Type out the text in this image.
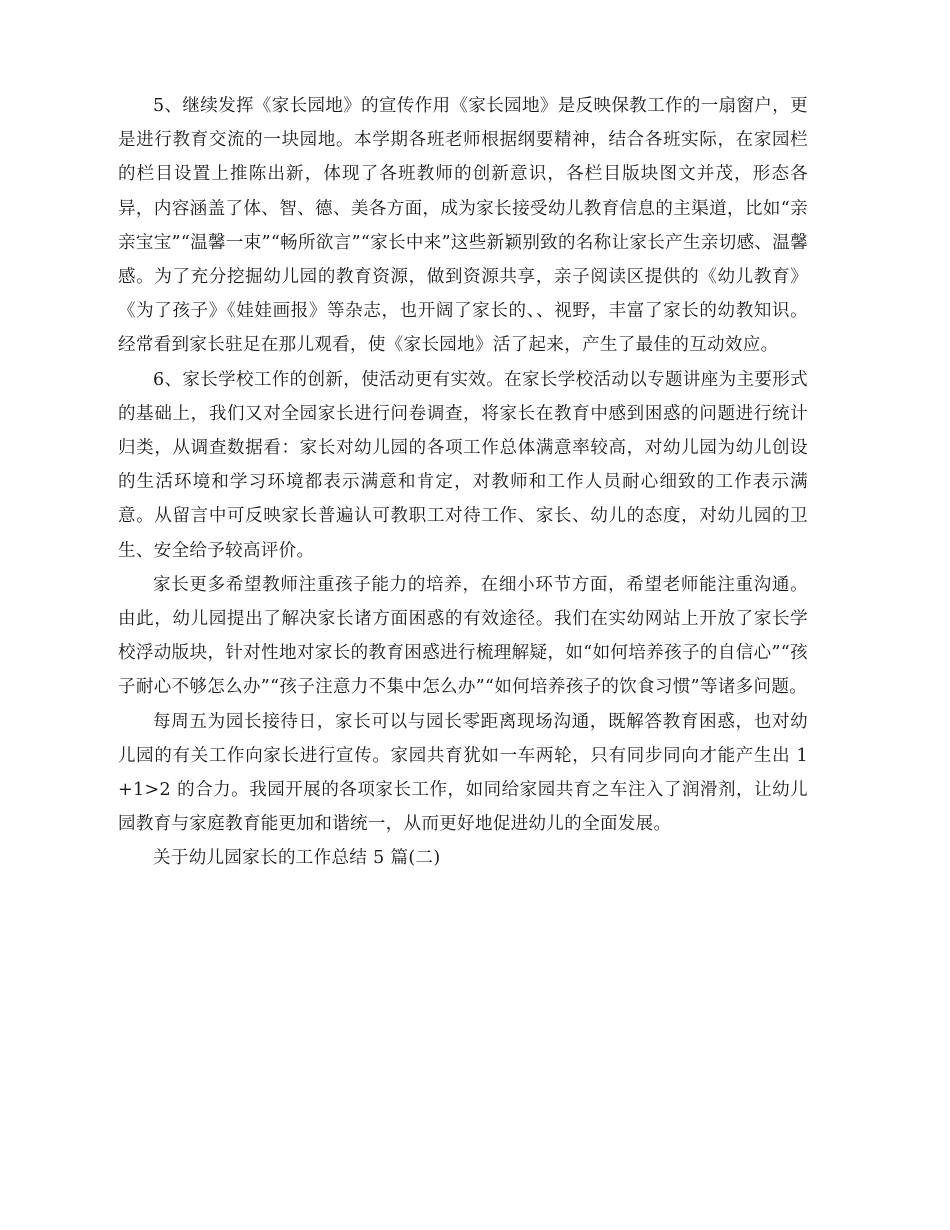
5、继续发挥《家长园地》的宣传作用《家长园地》是反映保教工作的一扇窗户，更是进行教育交流的一块园地。本学期各班老师根据纲要精神，结合各班实际，在家园栏的栏目设置上推陈出新，体现了各班教师的创新意识，各栏目版块图文并茂，形态各异，内容涵盖了体、智、德、美各方面，成为家长接受幼儿教育信息的主渠道，比如“亲亲宝宝”“温馨一束”“畅所欲言”“家长中来”这些新颖别致的名称让家长产生亲切感、温馨感。为了充分挖掘幼儿园的教育资源，做到资源共享，亲子阅读区提供的《幼儿教育》《为了孩子》《娃娃画报》等杂志，也开阔了家长的、、视野，丰富了家长的幼教知识。经常看到家长驻足在那儿观看，使《家长园地》活了起来，产生了最佳的互动效应。

6、家长学校工作的创新，使活动更有实效。在家长学校活动以专题讲座为主要形式的基础上，我们又对全园家长进行问卷调查，将家长在教育中感到困惑的问题进行统计归类，从调查数据看：家长对幼儿园的各项工作总体满意率较高，对幼儿园为幼儿创设的生活环境和学习环境都表示满意和肯定，对教师和工作人员耐心细致的工作表示满意。从留言中可反映家长普遍认可教职工对待工作、家长、幼儿的态度，对幼儿园的卫生、安全给予较高评价。

家长更多希望教师注重孩子能力的培养，在细小环节方面，希望老师能注重沟通。由此，幼儿园提出了解决家长诸方面困惑的有效途径。我们在实幼网站上开放了家长学校浮动版块，针对性地对家长的教育困惑进行梳理解疑，如“如何培养孩子的自信心”“孩子耐心不够怎么办”“孩子注意力不集中怎么办”“如何培养孩子的饮食习惯”等诸多问题。

每周五为园长接待日，家长可以与园长零距离现场沟通，既解答教育困惑，也对幼儿园的有关工作向家长进行宣传。家园共育犹如一车两轮，只有同步同向才能产生出 1+1>2 的合力。我园开展的各项家长工作，如同给家园共育之车注入了润滑剂，让幼儿园教育与家庭教育能更加和谐统一，从而更好地促进幼儿的全面发展。

关于幼儿园家长的工作总结 5 篇(二)
